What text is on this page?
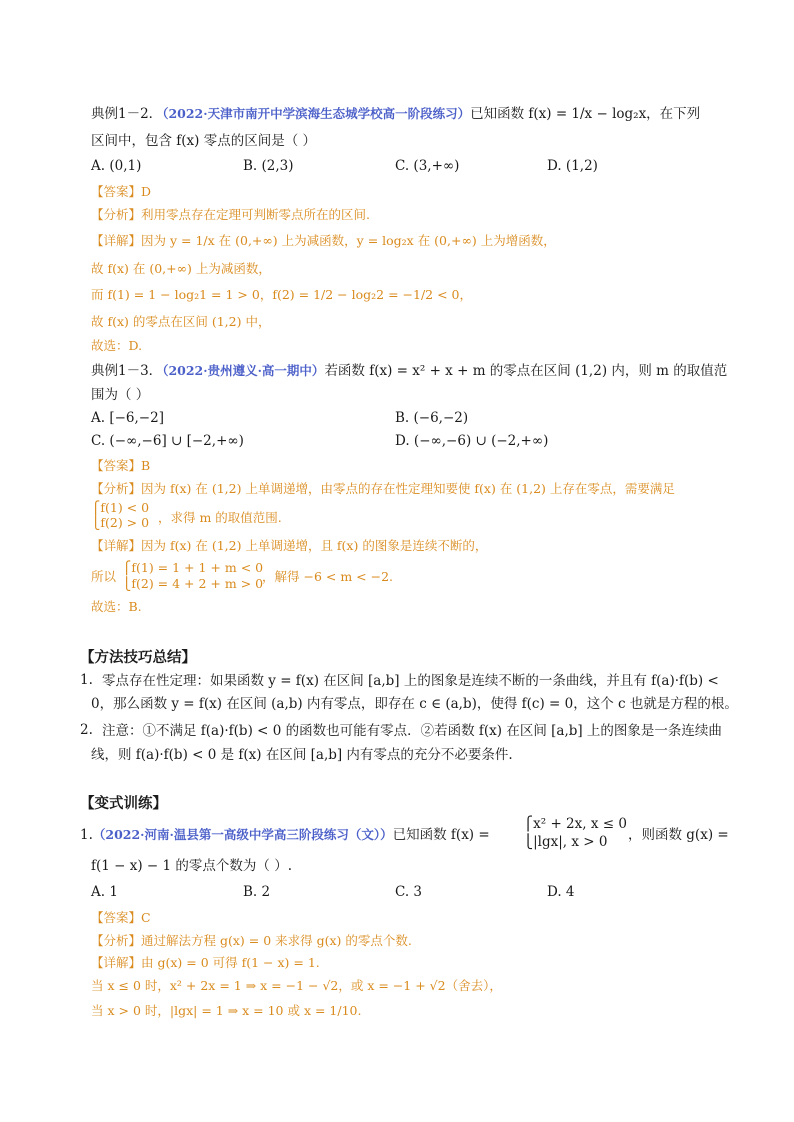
典例1－2．（2022·天津市南开中学滨海生态城学校高一阶段练习）已知函数 f(x) = 1/x − log₂x，在下列
区间中，包含 f(x) 零点的区间是（ ）
A. (0,1)	B. (2,3)	C. (3,+∞)	D. (1,2)
【答案】D
【分析】利用零点存在定理可判断零点所在的区间.
【详解】因为 y = 1/x 在 (0,+∞) 上为减函数，y = log₂x 在 (0,+∞) 上为增函数，
故 f(x) 在 (0,+∞) 上为减函数，
而 f(1) = 1 − log₂1 = 1 > 0，f(2) = 1/2 − log₂2 = −1/2 < 0，
故 f(x) 的零点在区间 (1,2) 中，
故选：D.
典例1－3．（2022·贵州遵义·高一期中）若函数 f(x) = x² + x + m 的零点在区间 (1,2) 内，则 m 的取值范
围为（ ）
A. [−6,−2]	B. (−6,−2)
C. (−∞,−6] ∪ [−2,+∞)	D. (−∞,−6) ∪ (−2,+∞)
【答案】B
【分析】因为 f(x) 在 (1,2) 上单调递增，由零点的存在性定理知要使 f(x) 在 (1,2) 上存在零点，需要满足
⎧f(1) < 0
⎩f(2) > 0 ，求得 m 的取值范围.
【详解】因为 f(x) 在 (1,2) 上单调递增，且 f(x) 的图象是连续不断的，
所以
⎧f(1) = 1 + 1 + m < 0
⎩f(2) = 4 + 2 + m > 0
，解得 −6 < m < −2.
故选：B.
【方法技巧总结】
1. 零点存在性定理：如果函数 y = f(x) 在区间 [a,b] 上的图象是连续不断的一条曲线，并且有 f(a)·f(b) <
0，那么函数 y = f(x) 在区间 (a,b) 内有零点，即存在 c ∈ (a,b)，使得 f(c) = 0，这个 c 也就是方程的根。
2. 注意：①不满足 f(a)·f(b) < 0 的函数也可能有零点．②若函数 f(x) 在区间 [a,b] 上的图象是一条连续曲
线，则 f(a)·f(b) < 0 是 f(x) 在区间 [a,b] 内有零点的充分不必要条件.
【变式训练】
1.（2022·河南·温县第一高级中学高三阶段练习（文））已知函数 f(x) =
⎧x² + 2x, x ≤ 0
⎩|lgx|, x > 0 ，则函数 g(x) =
f(1 − x) − 1 的零点个数为（ ）.
A. 1	B. 2	C. 3	D. 4
【答案】C
【分析】通过解法方程 g(x) = 0 来求得 g(x) 的零点个数.
【详解】由 g(x) = 0 可得 f(1 − x) = 1.
当 x ≤ 0 时，x² + 2x = 1 ⇒ x = −1 − √2，或 x = −1 + √2（舍去），
当 x > 0 时，|lgx| = 1 ⇒ x = 10 或 x = 1/10.
